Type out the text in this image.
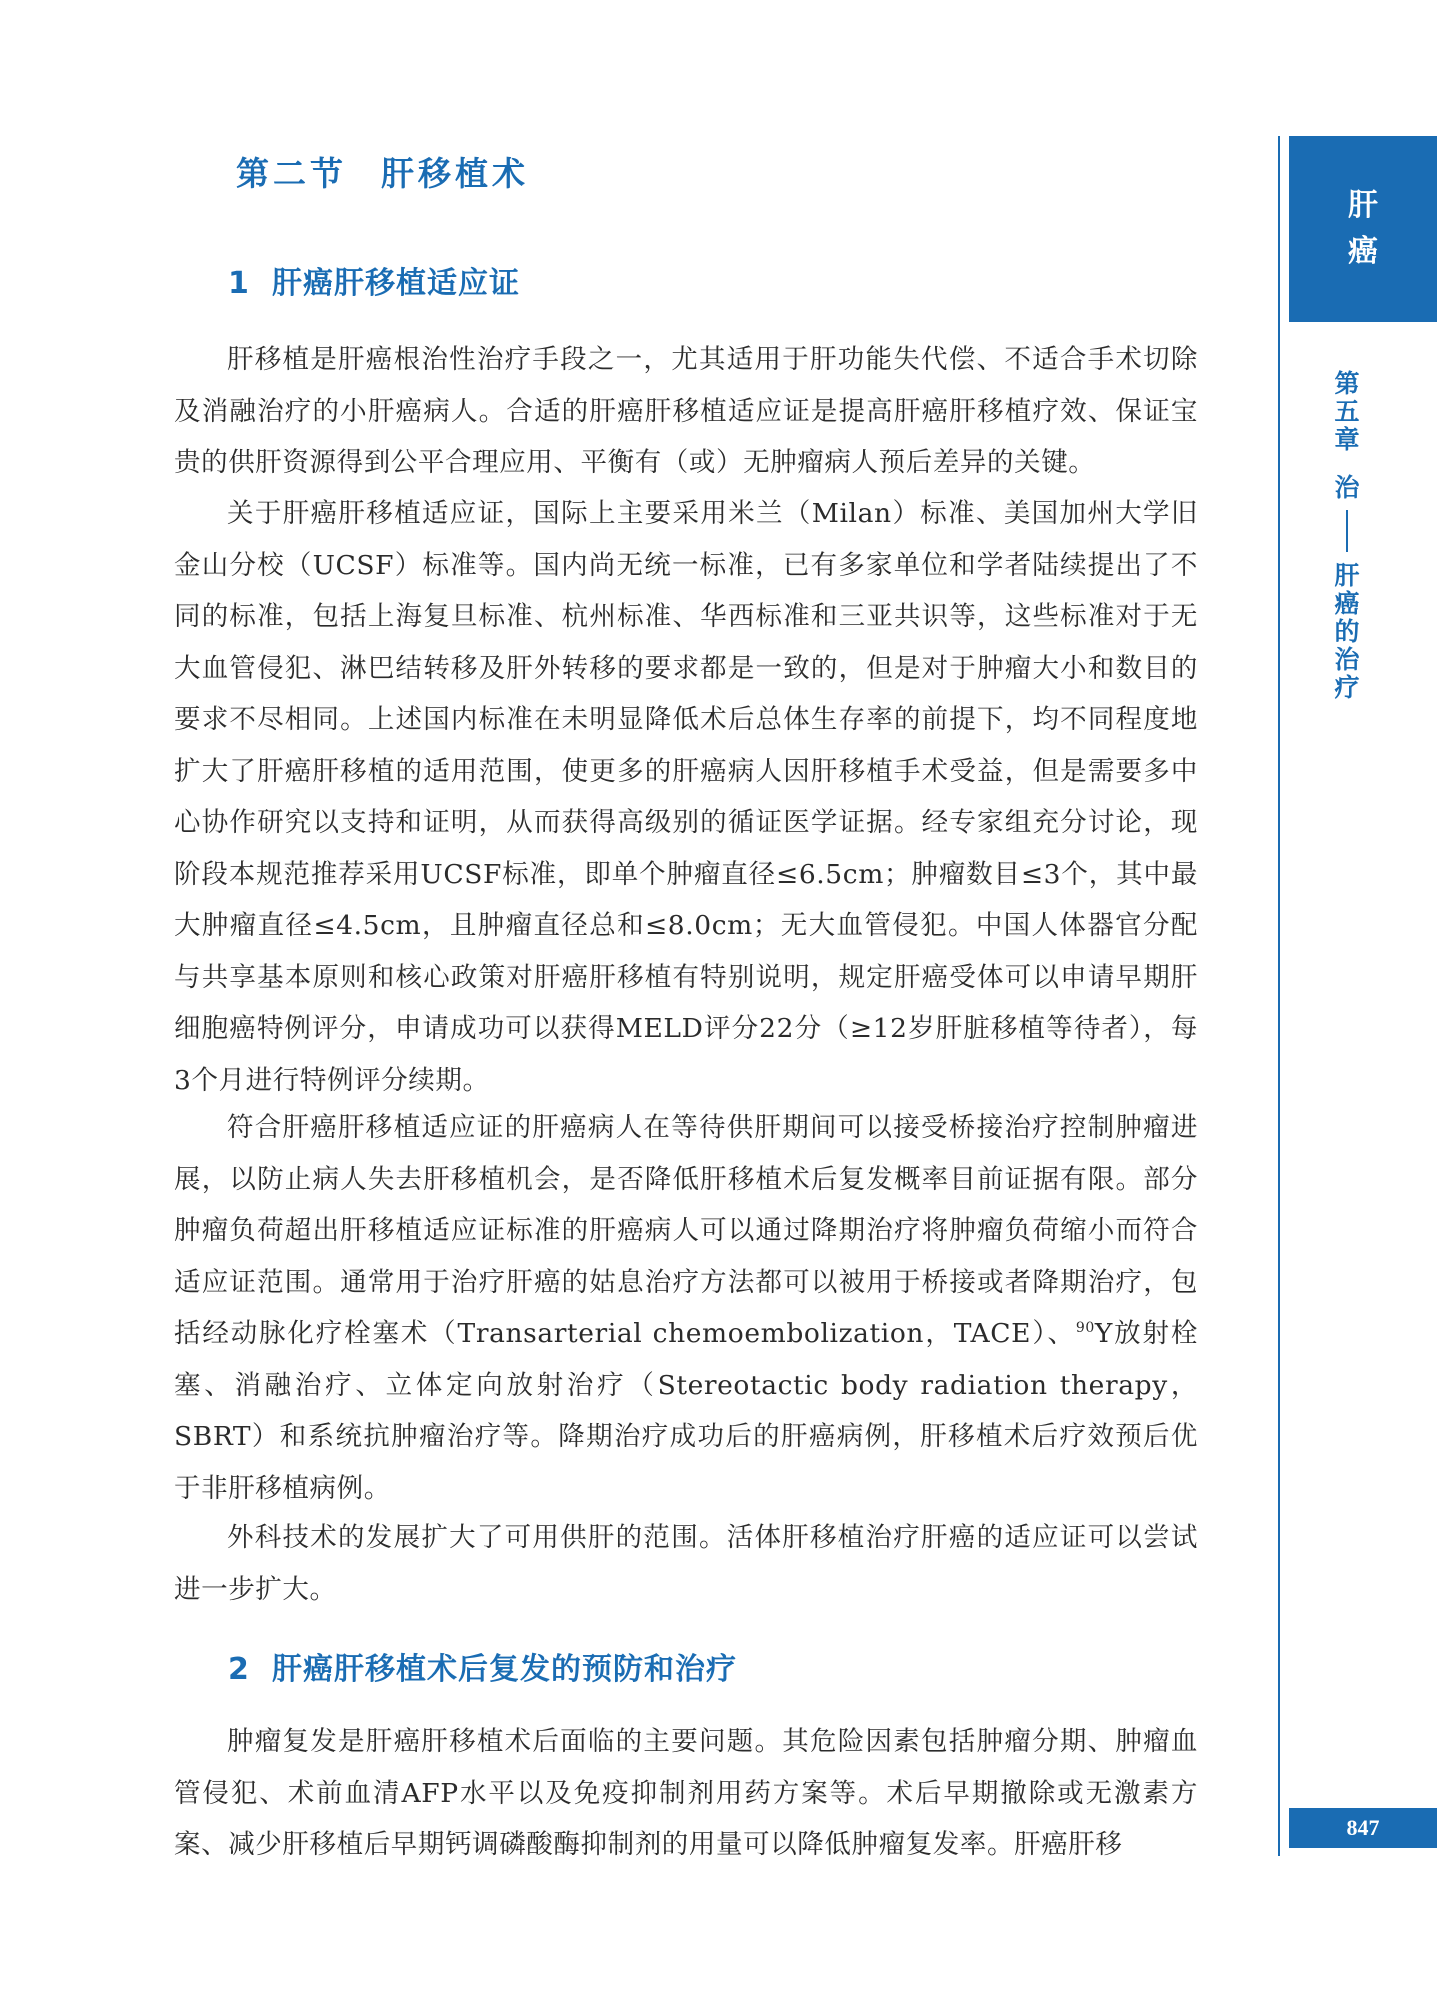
第二节 肝移植术
1 肝癌肝移植适应证

肝移植是肝癌根治性治疗手段之一，尤其适用于肝功能失代偿、不适合手术切除及消融治疗的小肝癌病人。合适的肝癌肝移植适应证是提高肝癌肝移植疗效、保证宝贵的供肝资源得到公平合理应用、平衡有（或）无肿瘤病人预后差异的关键。

关于肝癌肝移植适应证，国际上主要采用米兰（Milan）标准、美国加州大学旧金山分校（UCSF）标准等。国内尚无统一标准，已有多家单位和学者陆续提出了不同的标准，包括上海复旦标准、杭州标准、华西标准和三亚共识等，这些标准对于无大血管侵犯、淋巴结转移及肝外转移的要求都是一致的，但是对于肿瘤大小和数目的要求不尽相同。上述国内标准在未明显降低术后总体生存率的前提下，均不同程度地扩大了肝癌肝移植的适用范围，使更多的肝癌病人因肝移植手术受益，但是需要多中心协作研究以支持和证明，从而获得高级别的循证医学证据。经专家组充分讨论，现阶段本规范推荐采用UCSF标准，即单个肿瘤直径≤6.5cm；肿瘤数目≤3个，其中最大肿瘤直径≤4.5cm，且肿瘤直径总和≤8.0cm；无大血管侵犯。中国人体器官分配与共享基本原则和核心政策对肝癌肝移植有特别说明，规定肝癌受体可以申请早期肝细胞癌特例评分，申请成功可以获得MELD评分22分（≥12岁肝脏移植等待者），每3个月进行特例评分续期。

符合肝癌肝移植适应证的肝癌病人在等待供肝期间可以接受桥接治疗控制肿瘤进展，以防止病人失去肝移植机会，是否降低肝移植术后复发概率目前证据有限。部分肿瘤负荷超出肝移植适应证标准的肝癌病人可以通过降期治疗将肿瘤负荷缩小而符合适应证范围。通常用于治疗肝癌的姑息治疗方法都可以被用于桥接或者降期治疗，包括经动脉化疗栓塞术（Transarterial chemoembolization，TACE）、$^{90}$Y放射栓塞、消融治疗、立体定向放射治疗（Stereotactic body radiation therapy，SBRT）和系统抗肿瘤治疗等。降期治疗成功后的肝癌病例，肝移植术后疗效预后优于非肝移植病例。

外科技术的发展扩大了可用供肝的范围。活体肝移植治疗肝癌的适应证可以尝试进一步扩大。

2 肝癌肝移植术后复发的预防和治疗

肿瘤复发是肝癌肝移植术后面临的主要问题。其危险因素包括肿瘤分期、肿瘤血管侵犯、术前血清AFP水平以及免疫抑制剂用药方案等。术后早期撤除或无激素方案、减少肝移植后早期钙调磷酸酶抑制剂的用量可以降低肿瘤复发率。肝癌肝移

肝癌
第五章
治
肝癌的治疗
847
